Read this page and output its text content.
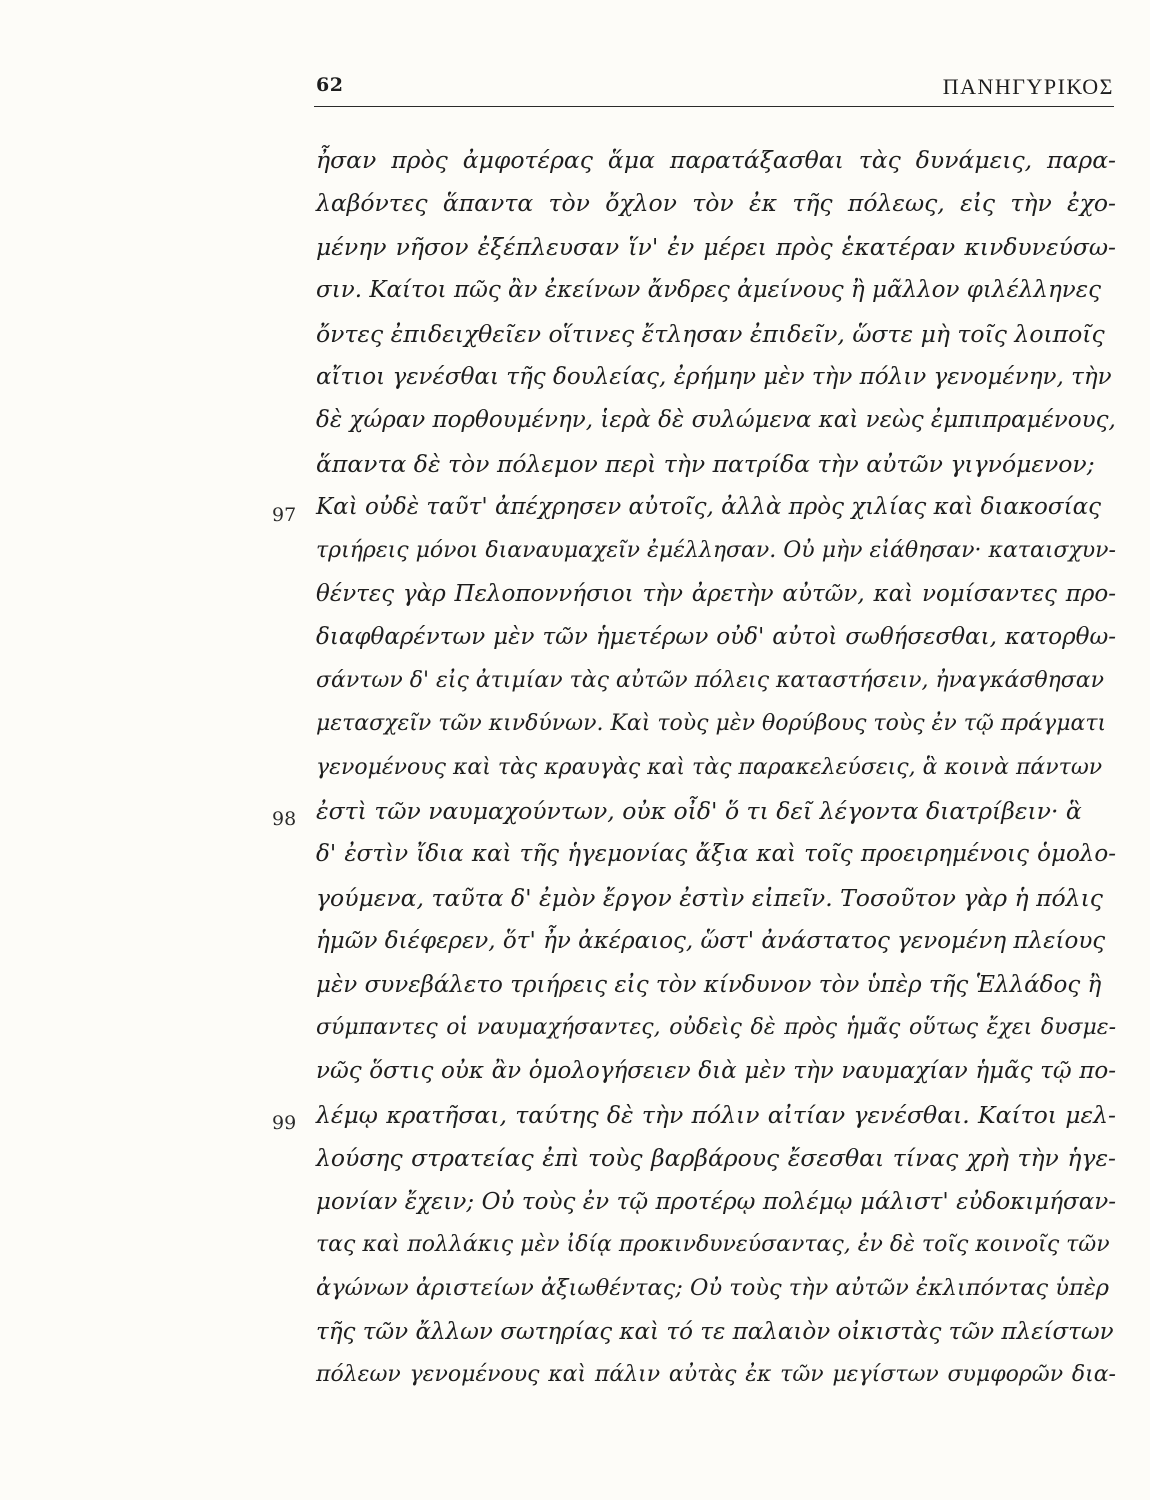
62	ΠΑΝΗΓΥΡΙΚΟΣ
97
98
99
ἦσαν πρὸς ἀμφοτέρας ἅμα παρατάξασθαι τὰς δυνάμεις, παρα-
λαβόντες ἅπαντα τὸν ὄχλον τὸν ἐκ τῆς πόλεως, εἰς τὴν ἐχο-
μένην νῆσον ἐξέπλευσαν ἵν' ἐν μέρει πρὸς ἑκατέραν κινδυνεύσω-
σιν. Καίτοι πῶς ἂν ἐκείνων ἄνδρες ἀμείνους ἢ μᾶλλον φιλέλληνες
ὄντες ἐπιδειχθεῖεν οἵτινες ἔτλησαν ἐπιδεῖν, ὥστε μὴ τοῖς λοιποῖς
αἴτιοι γενέσθαι τῆς δουλείας, ἐρήμην μὲν τὴν πόλιν γενομένην, τὴν
δὲ χώραν πορθουμένην, ἱερὰ δὲ συλώμενα καὶ νεὼς ἐμπιπραμένους,
ἅπαντα δὲ τὸν πόλεμον περὶ τὴν πατρίδα τὴν αὐτῶν γιγνόμενον;
Καὶ οὐδὲ ταῦτ' ἀπέχρησεν αὐτοῖς, ἀλλὰ πρὸς χιλίας καὶ διακοσίας
τριήρεις μόνοι διαναυμαχεῖν ἐμέλλησαν. Οὐ μὴν εἰάθησαν· καταισχυν-
θέντες γὰρ Πελοποννήσιοι τὴν ἀρετὴν αὐτῶν, καὶ νομίσαντες προ-
διαφθαρέντων μὲν τῶν ἡμετέρων οὐδ' αὐτοὶ σωθήσεσθαι, κατορθω-
σάντων δ' εἰς ἀτιμίαν τὰς αὐτῶν πόλεις καταστήσειν, ἠναγκάσθησαν
μετασχεῖν τῶν κινδύνων. Καὶ τοὺς μὲν θορύβους τοὺς ἐν τῷ πράγματι
γενομένους καὶ τὰς κραυγὰς καὶ τὰς παρακελεύσεις, ἃ κοινὰ πάντων
ἐστὶ τῶν ναυμαχούντων, οὐκ οἶδ' ὅ τι δεῖ λέγοντα διατρίβειν· ἃ
δ' ἐστὶν ἴδια καὶ τῆς ἡγεμονίας ἄξια καὶ τοῖς προειρημένοις ὁμολο-
γούμενα, ταῦτα δ' ἐμὸν ἔργον ἐστὶν εἰπεῖν. Τοσοῦτον γὰρ ἡ πόλις
ἡμῶν διέφερεν, ὅτ' ἦν ἀκέραιος, ὥστ' ἀνάστατος γενομένη πλείους
μὲν συνεβάλετο τριήρεις εἰς τὸν κίνδυνον τὸν ὑπὲρ τῆς Ἑλλάδος ἢ
σύμπαντες οἱ ναυμαχήσαντες, οὐδεὶς δὲ πρὸς ἡμᾶς οὕτως ἔχει δυσμε-
νῶς ὅστις οὐκ ἂν ὁμολογήσειεν διὰ μὲν τὴν ναυμαχίαν ἡμᾶς τῷ πο-
λέμῳ κρατῆσαι, ταύτης δὲ τὴν πόλιν αἰτίαν γενέσθαι. Καίτοι μελ-
λούσης στρατείας ἐπὶ τοὺς βαρβάρους ἔσεσθαι τίνας χρὴ τὴν ἡγε-
μονίαν ἔχειν; Οὐ τοὺς ἐν τῷ προτέρῳ πολέμῳ μάλιστ' εὐδοκιμήσαν-
τας καὶ πολλάκις μὲν ἰδίᾳ προκινδυνεύσαντας, ἐν δὲ τοῖς κοινοῖς τῶν
ἀγώνων ἀριστείων ἀξιωθέντας; Οὐ τοὺς τὴν αὐτῶν ἐκλιπόντας ὑπὲρ
τῆς τῶν ἄλλων σωτηρίας καὶ τό τε παλαιὸν οἰκιστὰς τῶν πλείστων
πόλεων γενομένους καὶ πάλιν αὐτὰς ἐκ τῶν μεγίστων συμφορῶν δια-
